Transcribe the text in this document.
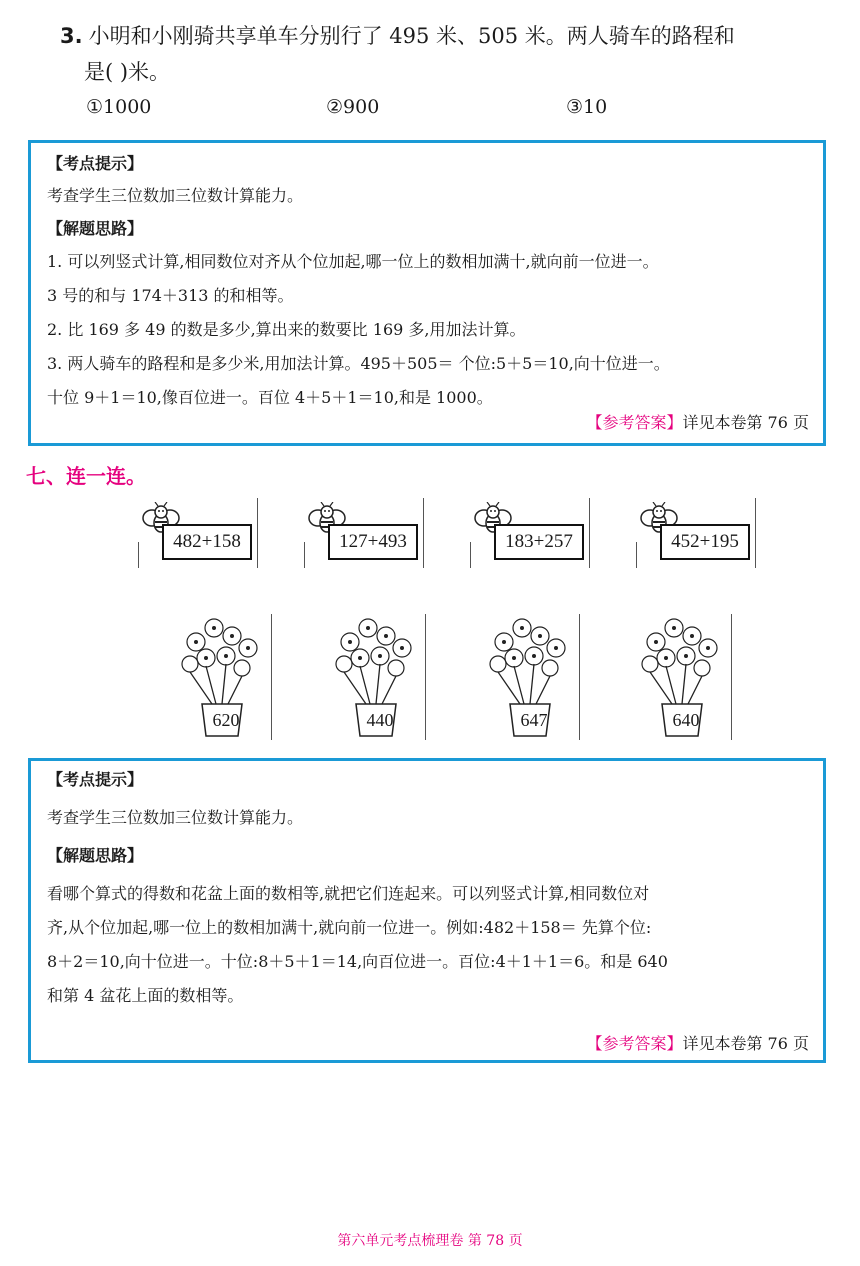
3. 小明和小刚骑共享单车分别行了 495 米、505 米。两人骑车的路程和
是( )米。
①1000	②900	③10
【考点提示】
考查学生三位数加三位数计算能力。
【解题思路】
1. 可以列竖式计算,相同数位对齐从个位加起,哪一位上的数相加满十,就向前一位进一。
3 号的和与 174＋313 的和相等。
2. 比 169 多 49 的数是多少,算出来的数要比 169 多,用加法计算。
3. 两人骑车的路程和是多少米,用加法计算。495＋505＝ 个位:5＋5＝10,向十位进一。
十位 9＋1＝10,像百位进一。百位 4＋5＋1＝10,和是 1000。
【参考答案】详见本卷第 76 页
七、连一连。
482+158	127+493	183+257	452+195
620	440	647	640
【考点提示】
考查学生三位数加三位数计算能力。
【解题思路】
看哪个算式的得数和花盆上面的数相等,就把它们连起来。可以列竖式计算,相同数位对
齐,从个位加起,哪一位上的数相加满十,就向前一位进一。例如:482＋158＝ 先算个位:
8＋2＝10,向十位进一。十位:8＋5＋1＝14,向百位进一。百位:4＋1＋1＝6。和是 640
和第 4 盆花上面的数相等。
【参考答案】详见本卷第 76 页
第六单元考点梳理卷 第 78 页
